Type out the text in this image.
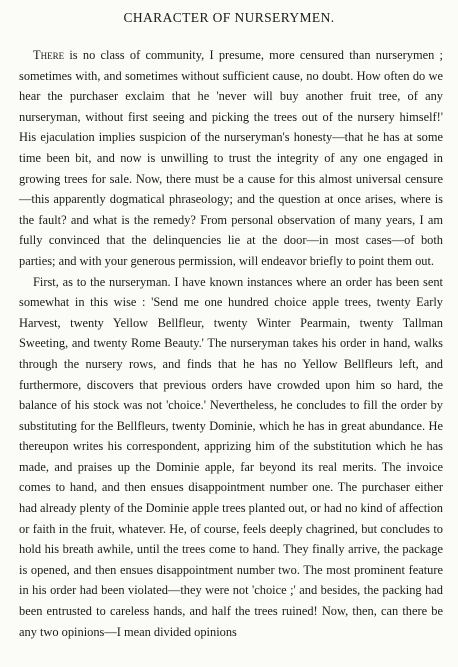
CHARACTER OF NURSERYMEN.

There is no class of community, I presume, more censured than nurserymen ; sometimes with, and sometimes without sufficient cause, no doubt. How often do we hear the purchaser exclaim that he 'never will buy another fruit tree, of any nurseryman, without first seeing and picking the trees out of the nursery himself!' His ejaculation implies suspicion of the nurseryman's honesty—that he has at some time been bit, and now is unwilling to trust the integrity of any one engaged in growing trees for sale. Now, there must be a cause for this almost universal censure—this apparently dogmatical phraseology; and the question at once arises, where is the fault? and what is the remedy? From personal observation of many years, I am fully convinced that the delinquencies lie at the door—in most cases—of both parties; and with your generous permission, will endeavor briefly to point them out.

First, as to the nurseryman. I have known instances where an order has been sent somewhat in this wise : 'Send me one hundred choice apple trees, twenty Early Harvest, twenty Yellow Bellfleur, twenty Winter Pearmain, twenty Tallman Sweeting, and twenty Rome Beauty.' The nurseryman takes his order in hand, walks through the nursery rows, and finds that he has no Yellow Bellfleurs left, and furthermore, discovers that previous orders have crowded upon him so hard, the balance of his stock was not 'choice.' Nevertheless, he concludes to fill the order by substituting for the Bellfleurs, twenty Dominie, which he has in great abundance. He thereupon writes his correspondent, apprizing him of the substitution which he has made, and praises up the Dominie apple, far beyond its real merits. The invoice comes to hand, and then ensues disappointment number one. The purchaser either had already plenty of the Dominie apple trees planted out, or had no kind of affection or faith in the fruit, whatever. He, of course, feels deeply chagrined, but concludes to hold his breath awhile, until the trees come to hand. They finally arrive, the package is opened, and then ensues disappointment number two. The most prominent feature in his order had been violated—they were not 'choice ;' and besides, the packing had been entrusted to careless hands, and half the trees ruined! Now, then, can there be any two opinions—I mean divided opinions
